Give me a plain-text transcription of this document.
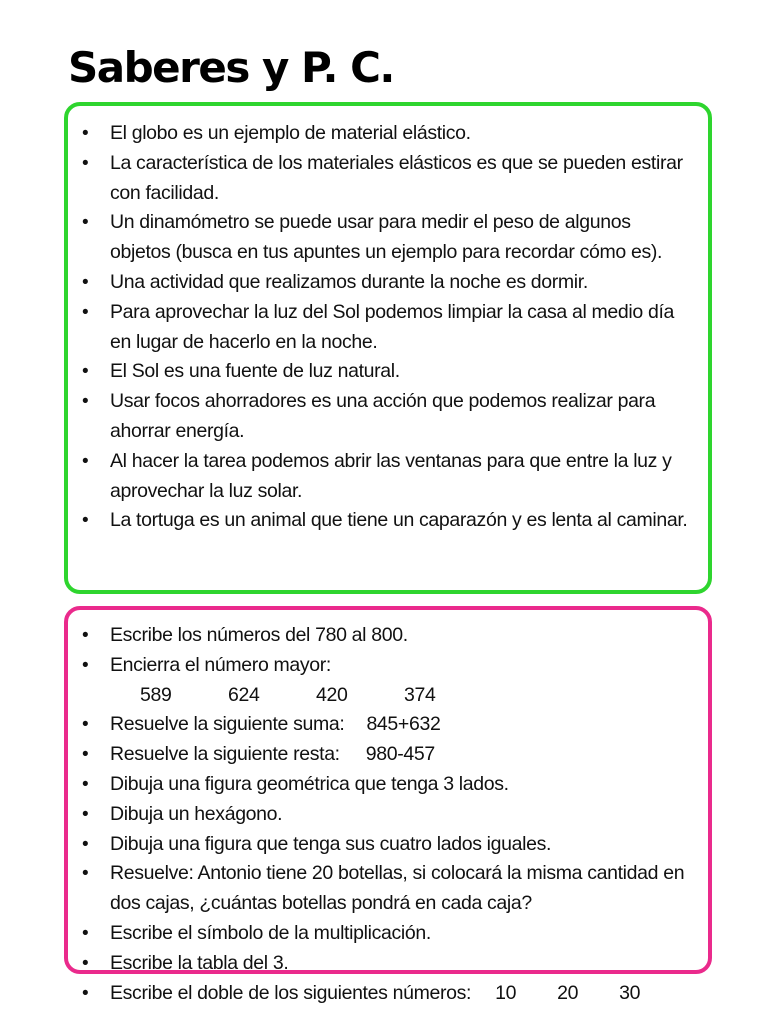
Saberes y P. C.
• El globo es un ejemplo de material elástico.
• La característica de los materiales elásticos es que se pueden estirar con facilidad.
• Un dinamómetro se puede usar para medir el peso de algunos objetos (busca en tus apuntes un ejemplo para recordar cómo es).
• Una actividad que realizamos durante la noche es dormir.
• Para aprovechar la luz del Sol podemos limpiar la casa al medio día en lugar de hacerlo en la noche.
• El Sol es una fuente de luz natural.
• Usar focos ahorradores es una acción que podemos realizar para ahorrar energía.
• Al hacer la tarea podemos abrir las ventanas para que entre la luz y aprovechar la luz solar.
• La tortuga es un animal que tiene un caparazón y es lenta al caminar.
• Escribe los números del 780 al 800.
• Encierra el número mayor:
589	624	420	374
• Resuelve la siguiente suma: 845+632
• Resuelve la siguiente resta: 980-457
• Dibuja una figura geométrica que tenga 3 lados.
• Dibuja un hexágono.
• Dibuja una figura que tenga sus cuatro lados iguales.
• Resuelve: Antonio tiene 20 botellas, si colocará la misma cantidad en dos cajas, ¿cuántas botellas pondrá en cada caja?
• Escribe el símbolo de la multiplicación.
• Escribe la tabla del 3.
• Escribe el doble de los siguientes números: 10	20	30
